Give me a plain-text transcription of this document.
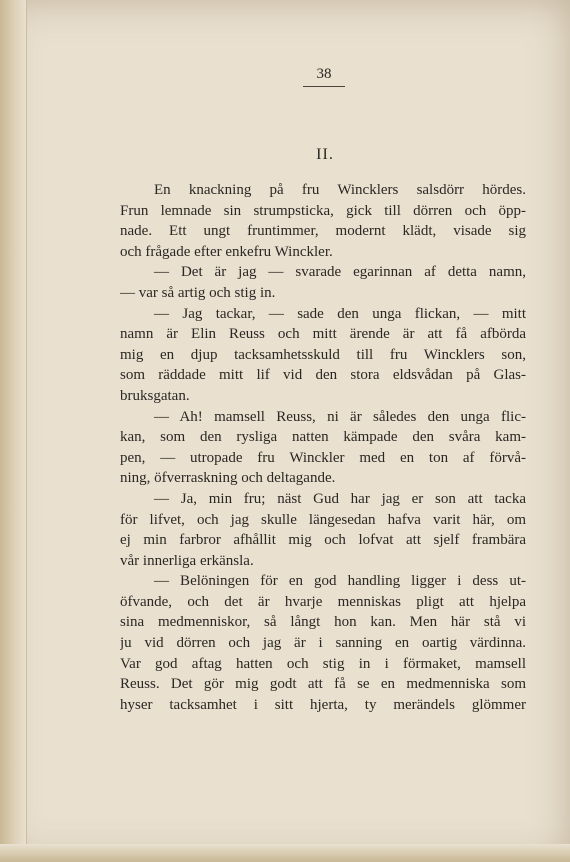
38
II.
En knackning på fru Wincklers salsdörr hördes.
Frun lemnade sin strumpsticka, gick till dörren och öpp-
nade. Ett ungt fruntimmer, modernt klädt, visade sig
och frågade efter enkefru Winckler.
— Det är jag — svarade egarinnan af detta namn,
— var så artig och stig in.
— Jag tackar, — sade den unga flickan, — mitt
namn är Elin Reuss och mitt ärende är att få afbörda
mig en djup tacksamhetsskuld till fru Wincklers son,
som räddade mitt lif vid den stora eldsvådan på Glas-
bruksgatan.
— Ah! mamsell Reuss, ni är således den unga flic-
kan, som den rysliga natten kämpade den svåra kam-
pen, — utropade fru Winckler med en ton af förvå-
ning, öfverraskning och deltagande.
— Ja, min fru; näst Gud har jag er son att tacka
för lifvet, och jag skulle längesedan hafva varit här, om
ej min farbror afhållit mig och lofvat att sjelf frambära
vår innerliga erkänsla.
— Belöningen för en god handling ligger i dess ut-
öfvande, och det är hvarje menniskas pligt att hjelpa
sina medmenniskor, så långt hon kan. Men här stå vi
ju vid dörren och jag är i sanning en oartig värdinna.
Var god aftag hatten och stig in i förmaket, mamsell
Reuss. Det gör mig godt att få se en medmenniska som
hyser tacksamhet i sitt hjerta, ty merändels glömmer
